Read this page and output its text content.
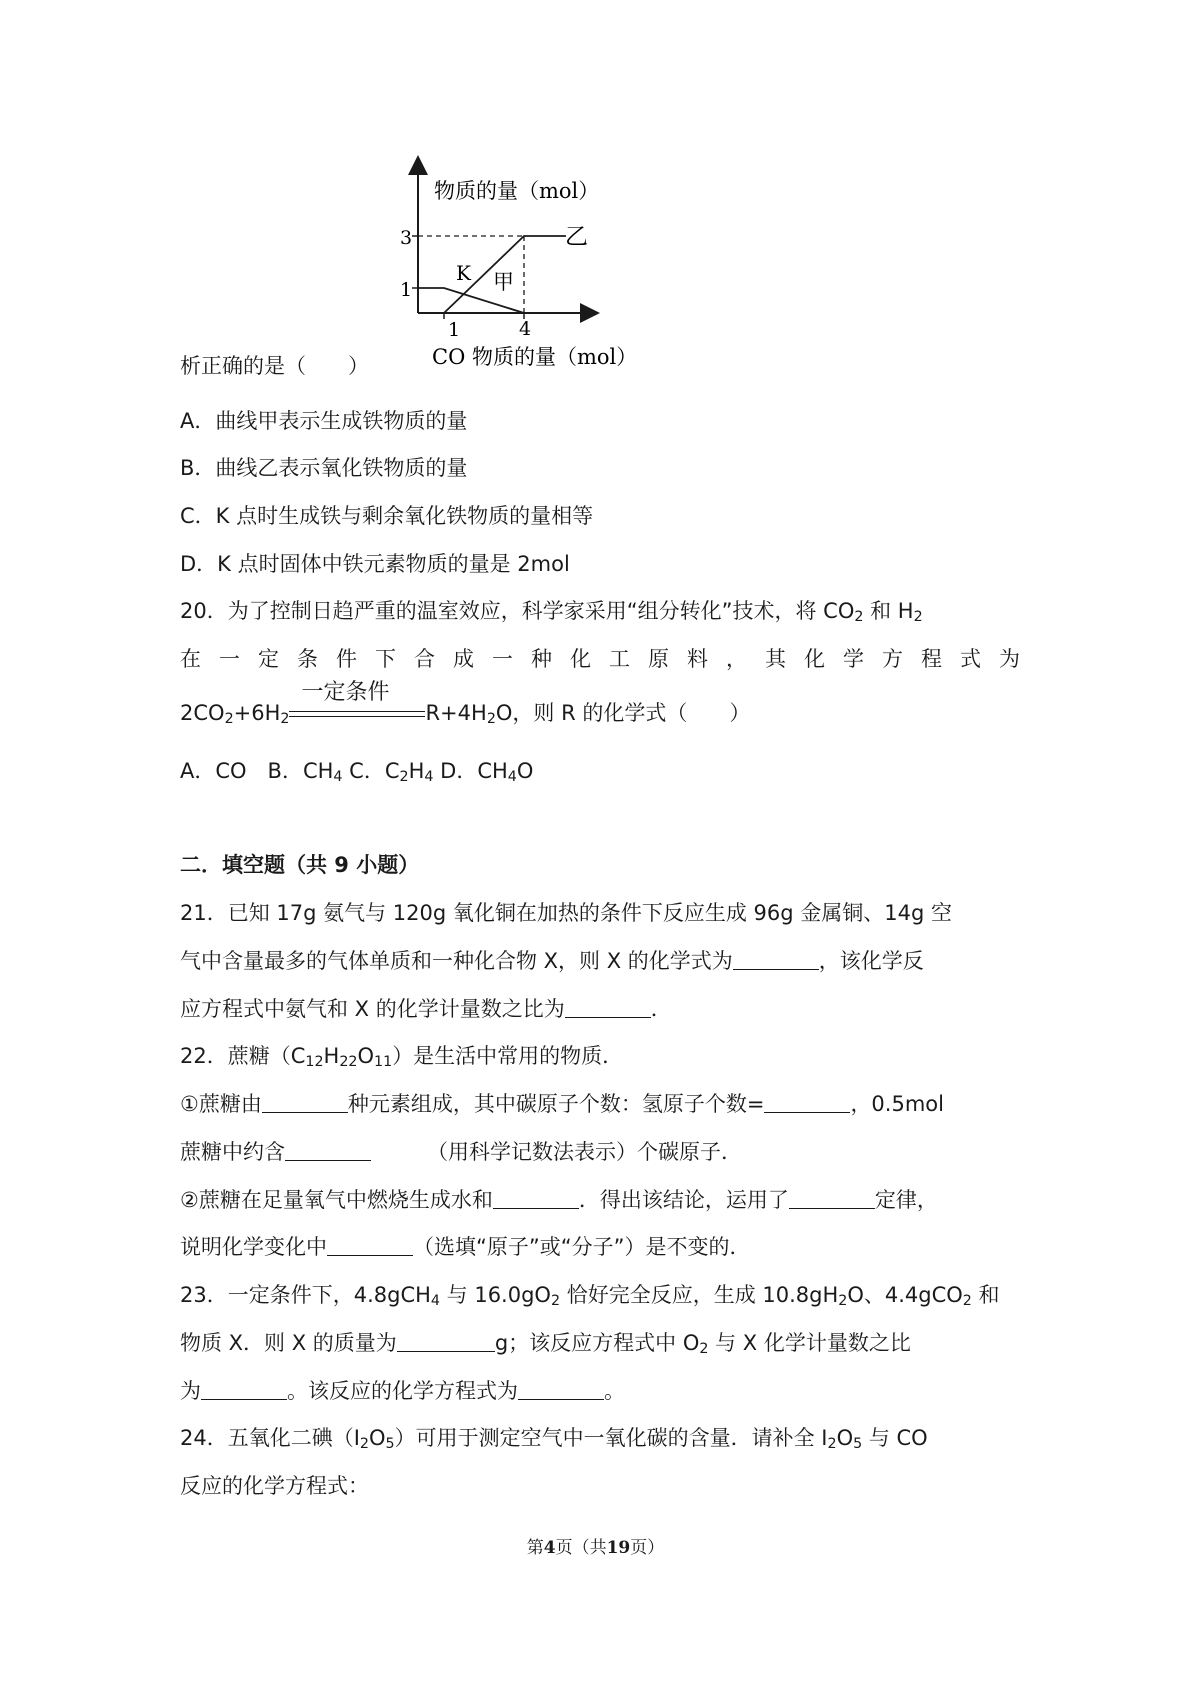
物质的量（mol）
3
1
1	4
K 甲
乙
CO 物质的量（mol）
析正确的是（　　）
A．曲线甲表示生成铁物质的量
B．曲线乙表示氧化铁物质的量
C．K 点时生成铁与剩余氧化铁物质的量相等
D．K 点时固体中铁元素物质的量是 2mol
20．为了控制日趋严重的温室效应，科学家采用“组分转化”技术，将 $CO_2$ 和 $H_2$
在 一 定 条 件 下 合 成 一 种 化 工 原 料 ， 其 化 学 方 程 式 为
$2CO_2+6H_2$
一定条件
$R+4H_2O$，则 R 的化学式（　　）
A．CO　B．$CH_4$ C．$C_2H_4$ D．$CH_4O$
二．填空题（共 9 小题）
21．已知 17g 氨气与 120g 氧化铜在加热的条件下反应生成 96g 金属铜、14g 空
气中含量最多的气体单质和一种化合物 X，则 X 的化学式为	，该化学反
应方程式中氨气和 X 的化学计量数之比为	．
22．蔗糖$(C_{12}H_{22}O_{11})$是生活中常用的物质．
①蔗糖由	种元素组成，其中碳原子个数：氢原子个数=	，0.5mol
蔗糖中约含	（用科学记数法表示）个碳原子．
②蔗糖在足量氧气中燃烧生成水和	．得出该结论，运用了	定律，
说明化学变化中	（选填“原子”或“分子”）是不变的．
23．一定条件下，4.8gCH$_4$ 与 $16.0gO_2$ 恰好完全反应，生成 $10.8gH_2O$、4.4gCO$_2$ 和
物质 X．则 X 的质量为	g；该反应方程式中 $O_2$ 与 X 化学计量数之比
为	。该反应的化学方程式为	。
24．五氧化二碘$(I_2O_5)$可用于测定空气中一氧化碳的含量．请补全 $I_2O_5$ 与 CO
反应的化学方程式：
第4页（共19页）
